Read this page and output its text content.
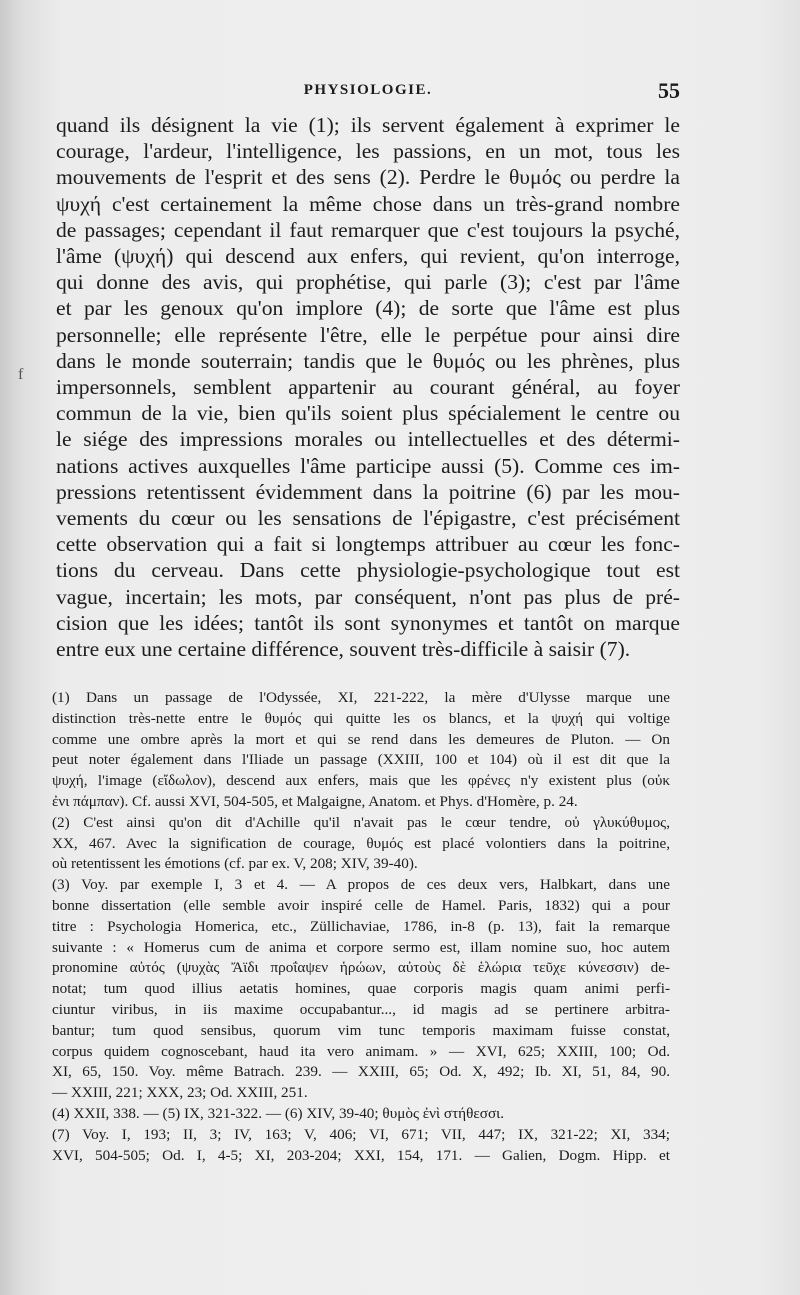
PHYSIOLOGIE.	55
f
quand ils désignent la vie (1); ils servent également à exprimer le
courage, l'ardeur, l'intelligence, les passions, en un mot, tous les
mouvements de l'esprit et des sens (2). Perdre le θυμός ou perdre la
ψυχή c'est certainement la même chose dans un très-grand nombre
de passages; cependant il faut remarquer que c'est toujours la psyché,
l'âme (ψυχή) qui descend aux enfers, qui revient, qu'on interroge,
qui donne des avis, qui prophétise, qui parle (3); c'est par l'âme
et par les genoux qu'on implore (4); de sorte que l'âme est plus
personnelle; elle représente l'être, elle le perpétue pour ainsi dire
dans le monde souterrain; tandis que le θυμός ou les phrènes, plus
impersonnels, semblent appartenir au courant général, au foyer
commun de la vie, bien qu'ils soient plus spécialement le centre ou
le siége des impressions morales ou intellectuelles et des détermi-
nations actives auxquelles l'âme participe aussi (5). Comme ces im-
pressions retentissent évidemment dans la poitrine (6) par les mou-
vements du cœur ou les sensations de l'épigastre, c'est précisément
cette observation qui a fait si longtemps attribuer au cœur les fonc-
tions du cerveau. Dans cette physiologie-psychologique tout est
vague, incertain; les mots, par conséquent, n'ont pas plus de pré-
cision que les idées; tantôt ils sont synonymes et tantôt on marque
entre eux une certaine différence, souvent très-difficile à saisir (7).
(1) Dans un passage de l'Odyssée, XI, 221-222, la mère d'Ulysse marque une
distinction très-nette entre le θυμός qui quitte les os blancs, et la ψυχή qui voltige
comme une ombre après la mort et qui se rend dans les demeures de Pluton. — On
peut noter également dans l'Iliade un passage (XXIII, 100 et 104) où il est dit que la
ψυχή, l'image (εἴδωλον), descend aux enfers, mais que les φρένες n'y existent plus (οὐκ
ἐνι πάμπαν). Cf. aussi XVI, 504-505, et Malgaigne, Anatom. et Phys. d'Homère, p. 24.
(2) C'est ainsi qu'on dit d'Achille qu'il n'avait pas le cœur tendre, οὐ γλυκύθυμος,
XX, 467. Avec la signification de courage, θυμός est placé volontiers dans la poitrine,
où retentissent les émotions (cf. par ex. V, 208; XIV, 39-40).
(3) Voy. par exemple I, 3 et 4. — A propos de ces deux vers, Halbkart, dans une
bonne dissertation (elle semble avoir inspiré celle de Hamel. Paris, 1832) qui a pour
titre : Psychologia Homerica, etc., Züllichaviae, 1786, in-8 (p. 13), fait la remarque
suivante : « Homerus cum de anima et corpore sermo est, illam nomine suo, hoc autem
pronomine αὐτός (ψυχὰς Ἄϊδι προΐαψεν ἡρώων, αὐτοὺς δὲ ἑλώρια τεῦχε κύνεσσιν) de-
notat; tum quod illius aetatis homines, quae corporis magis quam animi perfi-
ciuntur viribus, in iis maxime occupabantur..., id magis ad se pertinere arbitra-
bantur; tum quod sensibus, quorum vim tunc temporis maximam fuisse constat,
corpus quidem cognoscebant, haud ita vero animam. » — XVI, 625; XXIII, 100; Od.
XI, 65, 150. Voy. même Batrach. 239. — XXIII, 65; Od. X, 492; Ib. XI, 51, 84, 90.
— XXIII, 221; XXX, 23; Od. XXIII, 251.
(4) XXII, 338. — (5) IX, 321-322. — (6) XIV, 39-40; θυμὸς ἐνὶ στήθεσσι.
(7) Voy. I, 193; II, 3; IV, 163; V, 406; VI, 671; VII, 447; IX, 321-22; XI, 334;
XVI, 504-505; Od. I, 4-5; XI, 203-204; XXI, 154, 171. — Galien, Dogm. Hipp. et
